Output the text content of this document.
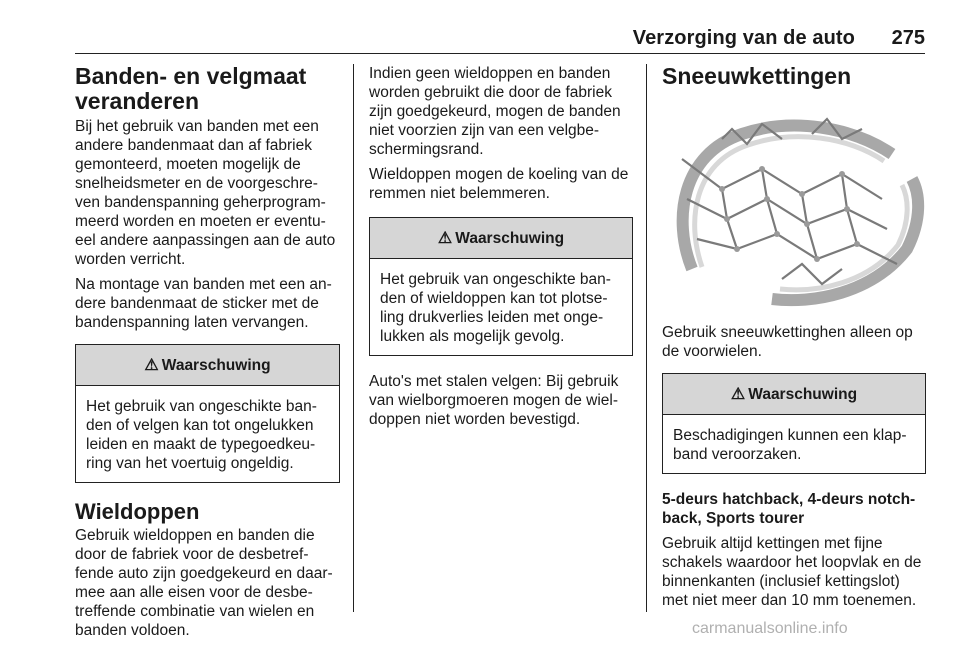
Verzorging van de auto 275
Banden- en velgmaat veranderen

Bij het gebruik van banden met een andere bandenmaat dan af fabriek gemonteerd, moeten mogelijk de snelheidsmeter en de voorgeschre-ven bandenspanning geherprogram-meerd worden en moeten er eventu-eel andere aanpassingen aan de auto worden verricht.

Na montage van banden met een an-dere bandenmaat de sticker met de bandenspanning laten vervangen.

⚠ Waarschuwing
Het gebruik van ongeschikte ban-den of velgen kan tot ongelukken leiden en maakt de typegoedkeu-ring van het voertuig ongeldig.
Wieldoppen

Gebruik wieldoppen en banden die door de fabriek voor de desbetref-fende auto zijn goedgekeurd en daar-mee aan alle eisen voor de desbe-treffende combinatie van wielen en banden voldoen.

Indien geen wieldoppen en banden worden gebruikt die door de fabriek zijn goedgekeurd, mogen de banden niet voorzien zijn van een velgbe-schermingsrand.

Wieldoppen mogen de koeling van de remmen niet belemmeren.

⚠ Waarschuwing
Het gebruik van ongeschikte ban-den of wieldoppen kan tot plotse-ling drukverlies leiden met onge-lukken als mogelijk gevolg.

Auto's met stalen velgen: Bij gebruik van wielborgmoeren mogen de wiel-doppen niet worden bevestigd.

Sneeuwkettingen

Gebruik sneeuwkettinghen alleen op de voorwielen.

⚠ Waarschuwing
Beschadigingen kunnen een klap-band veroorzaken.

5-deurs hatchback, 4-deurs notch-back, Sports tourer

Gebruik altijd kettingen met fijne schakels waardoor het loopvlak en de binnenkanten (inclusief kettingslot) met niet meer dan 10 mm toenemen.

carmanualsonline.info
